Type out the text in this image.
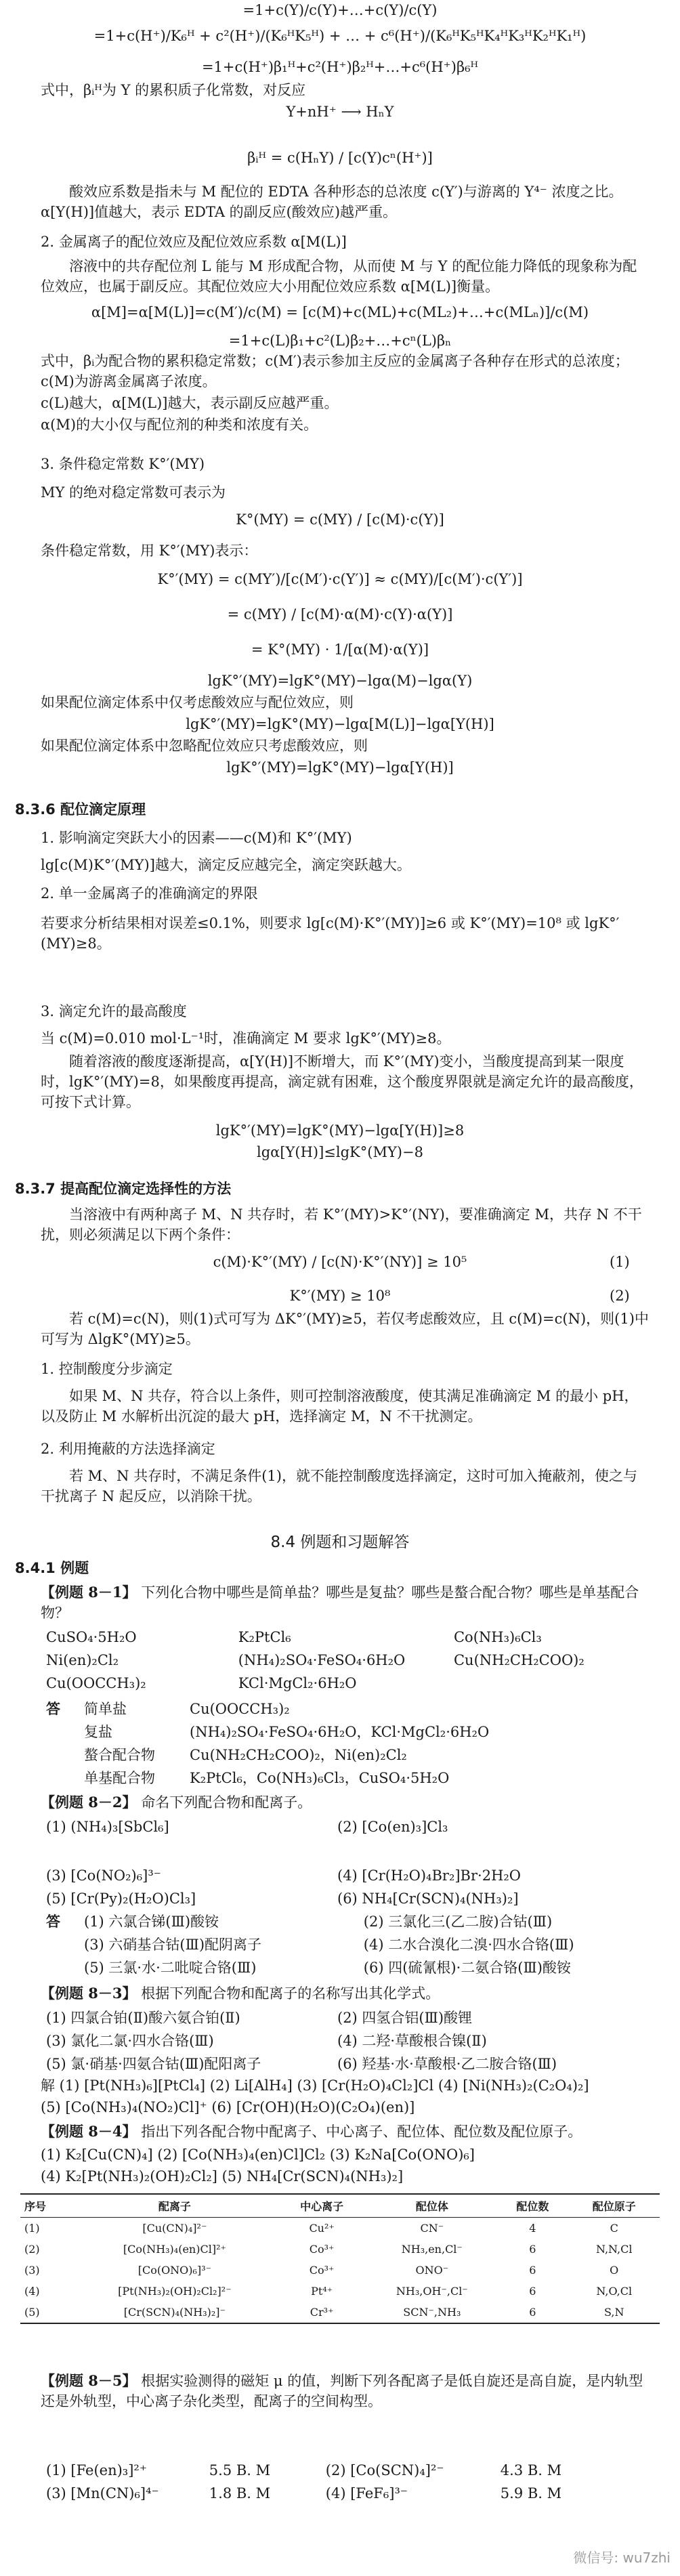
=1+c(Y)/c(Y)+…+c(Y)/c(Y)
=1+c(H⁺)/K₆ᴴ + c²(H⁺)/(K₆ᴴK₅ᴴ) + … + c⁶(H⁺)/(K₆ᴴK₅ᴴK₄ᴴK₃ᴴK₂ᴴK₁ᴴ)
=1+c(H⁺)β₁ᴴ+c²(H⁺)β₂ᴴ+…+c⁶(H⁺)β₆ᴴ
式中，βᵢᴴ为 Y 的累积质子化常数，对反应
Y+nH⁺ ⟶ HₙY
βᵢᴴ = c(HₙY) / [c(Y)cⁿ(H⁺)]
酸效应系数是指未与 M 配位的 EDTA 各种形态的总浓度 c(Y′)与游离的 Y⁴⁻ 浓度之比。α[Y(H)]值越大，表示 EDTA 的副反应(酸效应)越严重。
2. 金属离子的配位效应及配位效应系数 α[M(L)]
溶液中的共存配位剂 L 能与 M 形成配合物，从而使 M 与 Y 的配位能力降低的现象称为配位效应，也属于副反应。其配位效应大小用配位效应系数 α[M(L)]衡量。
α[M]=α[M(L)]=c(M′)/c(M) = [c(M)+c(ML)+c(ML₂)+…+c(MLₙ)]/c(M)
=1+c(L)β₁+c²(L)β₂+…+cⁿ(L)βₙ
式中，βᵢ为配合物的累积稳定常数；c(M′)表示参加主反应的金属离子各种存在形式的总浓度；c(M)为游离金属离子浓度。
c(L)越大，α[M(L)]越大，表示副反应越严重。
α(M)的大小仅与配位剂的种类和浓度有关。
3. 条件稳定常数 K°′(MY)
MY 的绝对稳定常数可表示为
K°(MY) = c(MY) / [c(M)·c(Y)]
条件稳定常数，用 K°′(MY)表示：
K°′(MY) = c(MY′)/[c(M′)·c(Y′)] ≈ c(MY)/[c(M′)·c(Y′)]
= c(MY) / [c(M)·α(M)·c(Y)·α(Y)]
= K°(MY) · 1/[α(M)·α(Y)]
lgK°′(MY)=lgK°(MY)−lgα(M)−lgα(Y)
如果配位滴定体系中仅考虑酸效应与配位效应，则
lgK°′(MY)=lgK°(MY)−lgα[M(L)]−lgα[Y(H)]
如果配位滴定体系中忽略配位效应只考虑酸效应，则
lgK°′(MY)=lgK°(MY)−lgα[Y(H)]
8.3.6 配位滴定原理
1. 影响滴定突跃大小的因素——c(M)和 K°′(MY)
lg[c(M)K°′(MY)]越大，滴定反应越完全，滴定突跃越大。
2. 单一金属离子的准确滴定的界限
若要求分析结果相对误差≤0.1%，则要求 lg[c(M)·K°′(MY)]≥6 或 K°′(MY)=10⁸ 或 lgK°′(MY)≥8。
3. 滴定允许的最高酸度
当 c(M)=0.010 mol·L⁻¹时，准确滴定 M 要求 lgK°′(MY)≥8。
随着溶液的酸度逐渐提高，α[Y(H)]不断增大，而 K°′(MY)变小，当酸度提高到某一限度时，lgK°′(MY)=8，如果酸度再提高，滴定就有困难，这个酸度界限就是滴定允许的最高酸度，可按下式计算。
lgK°′(MY)=lgK°(MY)−lgα[Y(H)]≥8
lgα[Y(H)]≤lgK°(MY)−8
8.3.7 提高配位滴定选择性的方法
当溶液中有两种离子 M、N 共存时，若 K°′(MY)>K°′(NY)，要准确滴定 M，共存 N 不干扰，则必须满足以下两个条件：
c(M)·K°′(MY) / [c(N)·K°′(NY)] ≥ 10⁵	(1)
K°′(MY) ≥ 10⁸	(2)
若 c(M)=c(N)，则(1)式可写为 ΔK°′(MY)≥5，若仅考虑酸效应，且 c(M)=c(N)，则(1)中可写为 ΔlgK°(MY)≥5。
1. 控制酸度分步滴定
如果 M、N 共存，符合以上条件，则可控制溶液酸度，使其满足准确滴定 M 的最小 pH，以及防止 M 水解析出沉淀的最大 pH，选择滴定 M，N 不干扰测定。
2. 利用掩蔽的方法选择滴定
若 M、N 共存时，不满足条件(1)，就不能控制酸度选择滴定，这时可加入掩蔽剂，使之与干扰离子 N 起反应，以消除干扰。
8.4 例题和习题解答
8.4.1 例题
【例题 8－1】 下列化合物中哪些是简单盐？哪些是复盐？哪些是螯合配合物？哪些是单基配合物？
CuSO₄·5H₂O	K₂PtCl₆	Co(NH₃)₆Cl₃
Ni(en)₂Cl₂	(NH₄)₂SO₄·FeSO₄·6H₂O	Cu(NH₂CH₂COO)₂
Cu(OOCCH₃)₂	KCl·MgCl₂·6H₂O	
答	简单盐	Cu(OOCCH₃)₂
	复盐	(NH₄)₂SO₄·FeSO₄·6H₂O，KCl·MgCl₂·6H₂O
	螯合配合物	Cu(NH₂CH₂COO)₂，Ni(en)₂Cl₂
	单基配合物	K₂PtCl₆，Co(NH₃)₆Cl₃，CuSO₄·5H₂O
【例题 8－2】 命名下列配合物和配离子。
(1) (NH₄)₃[SbCl₆]	(2) [Co(en)₃]Cl₃
(3) [Co(NO₂)₆]³⁻	(4) [Cr(H₂O)₄Br₂]Br·2H₂O
(5) [Cr(Py)₂(H₂O)Cl₃]	(6) NH₄[Cr(SCN)₄(NH₃)₂]
答	(1) 六氯合锑(Ⅲ)酸铵	(2) 三氯化三(乙二胺)合钴(Ⅲ)
	(3) 六硝基合钴(Ⅲ)配阴离子	(4) 二水合溴化二溴·四水合铬(Ⅲ)
	(5) 三氯·水·二吡啶合铬(Ⅲ)	(6) 四(硫氰根)·二氨合铬(Ⅲ)酸铵
【例题 8－3】 根据下列配合物和配离子的名称写出其化学式。
(1) 四氯合铂(Ⅱ)酸六氨合铂(Ⅱ)	(2) 四氢合铝(Ⅲ)酸锂
(3) 氯化二氯·四水合铬(Ⅲ)	(4) 二羟·草酸根合镍(Ⅱ)
(5) 氯·硝基·四氨合钴(Ⅲ)配阳离子	(6) 羟基·水·草酸根·乙二胺合铬(Ⅲ)
解 (1) [Pt(NH₃)₆][PtCl₄] (2) Li[AlH₄] (3) [Cr(H₂O)₄Cl₂]Cl (4) [Ni(NH₃)₂(C₂O₄)₂]
(5) [Co(NH₃)₄(NO₂)Cl]⁺ (6) [Cr(OH)(H₂O)(C₂O₄)(en)]
【例题 8－4】 指出下列各配合物中配离子、中心离子、配位体、配位数及配位原子。
(1) K₂[Cu(CN)₄] (2) [Co(NH₃)₄(en)Cl]Cl₂ (3) K₂Na[Co(ONO)₆]
(4) K₂[Pt(NH₃)₂(OH)₂Cl₂] (5) NH₄[Cr(SCN)₄(NH₃)₂]
序号	配离子	中心离子	配位体	配位数	配位原子
(1)	[Cu(CN)₄]²⁻	Cu²⁺	CN⁻	4	C
(2)	[Co(NH₃)₄(en)Cl]²⁺	Co³⁺	NH₃,en,Cl⁻	6	N,N,Cl
(3)	[Co(ONO)₆]³⁻	Co³⁺	ONO⁻	6	O
(4)	[Pt(NH₃)₂(OH)₂Cl₂]²⁻	Pt⁴⁺	NH₃,OH⁻,Cl⁻	6	N,O,Cl
(5)	[Cr(SCN)₄(NH₃)₂]⁻	Cr³⁺	SCN⁻,NH₃	6	S,N
【例题 8－5】 根据实验测得的磁矩 μ 的值，判断下列各配离子是低自旋还是高自旋，是内轨型还是外轨型，中心离子杂化类型，配离子的空间构型。
(1) [Fe(en)₃]²⁺	5.5 B. M	(2) [Co(SCN)₄]²⁻	4.3 B. M
(3) [Mn(CN)₆]⁴⁻	1.8 B. M	(4) [FeF₆]³⁻	5.9 B. M
微信号: wu7zhi
